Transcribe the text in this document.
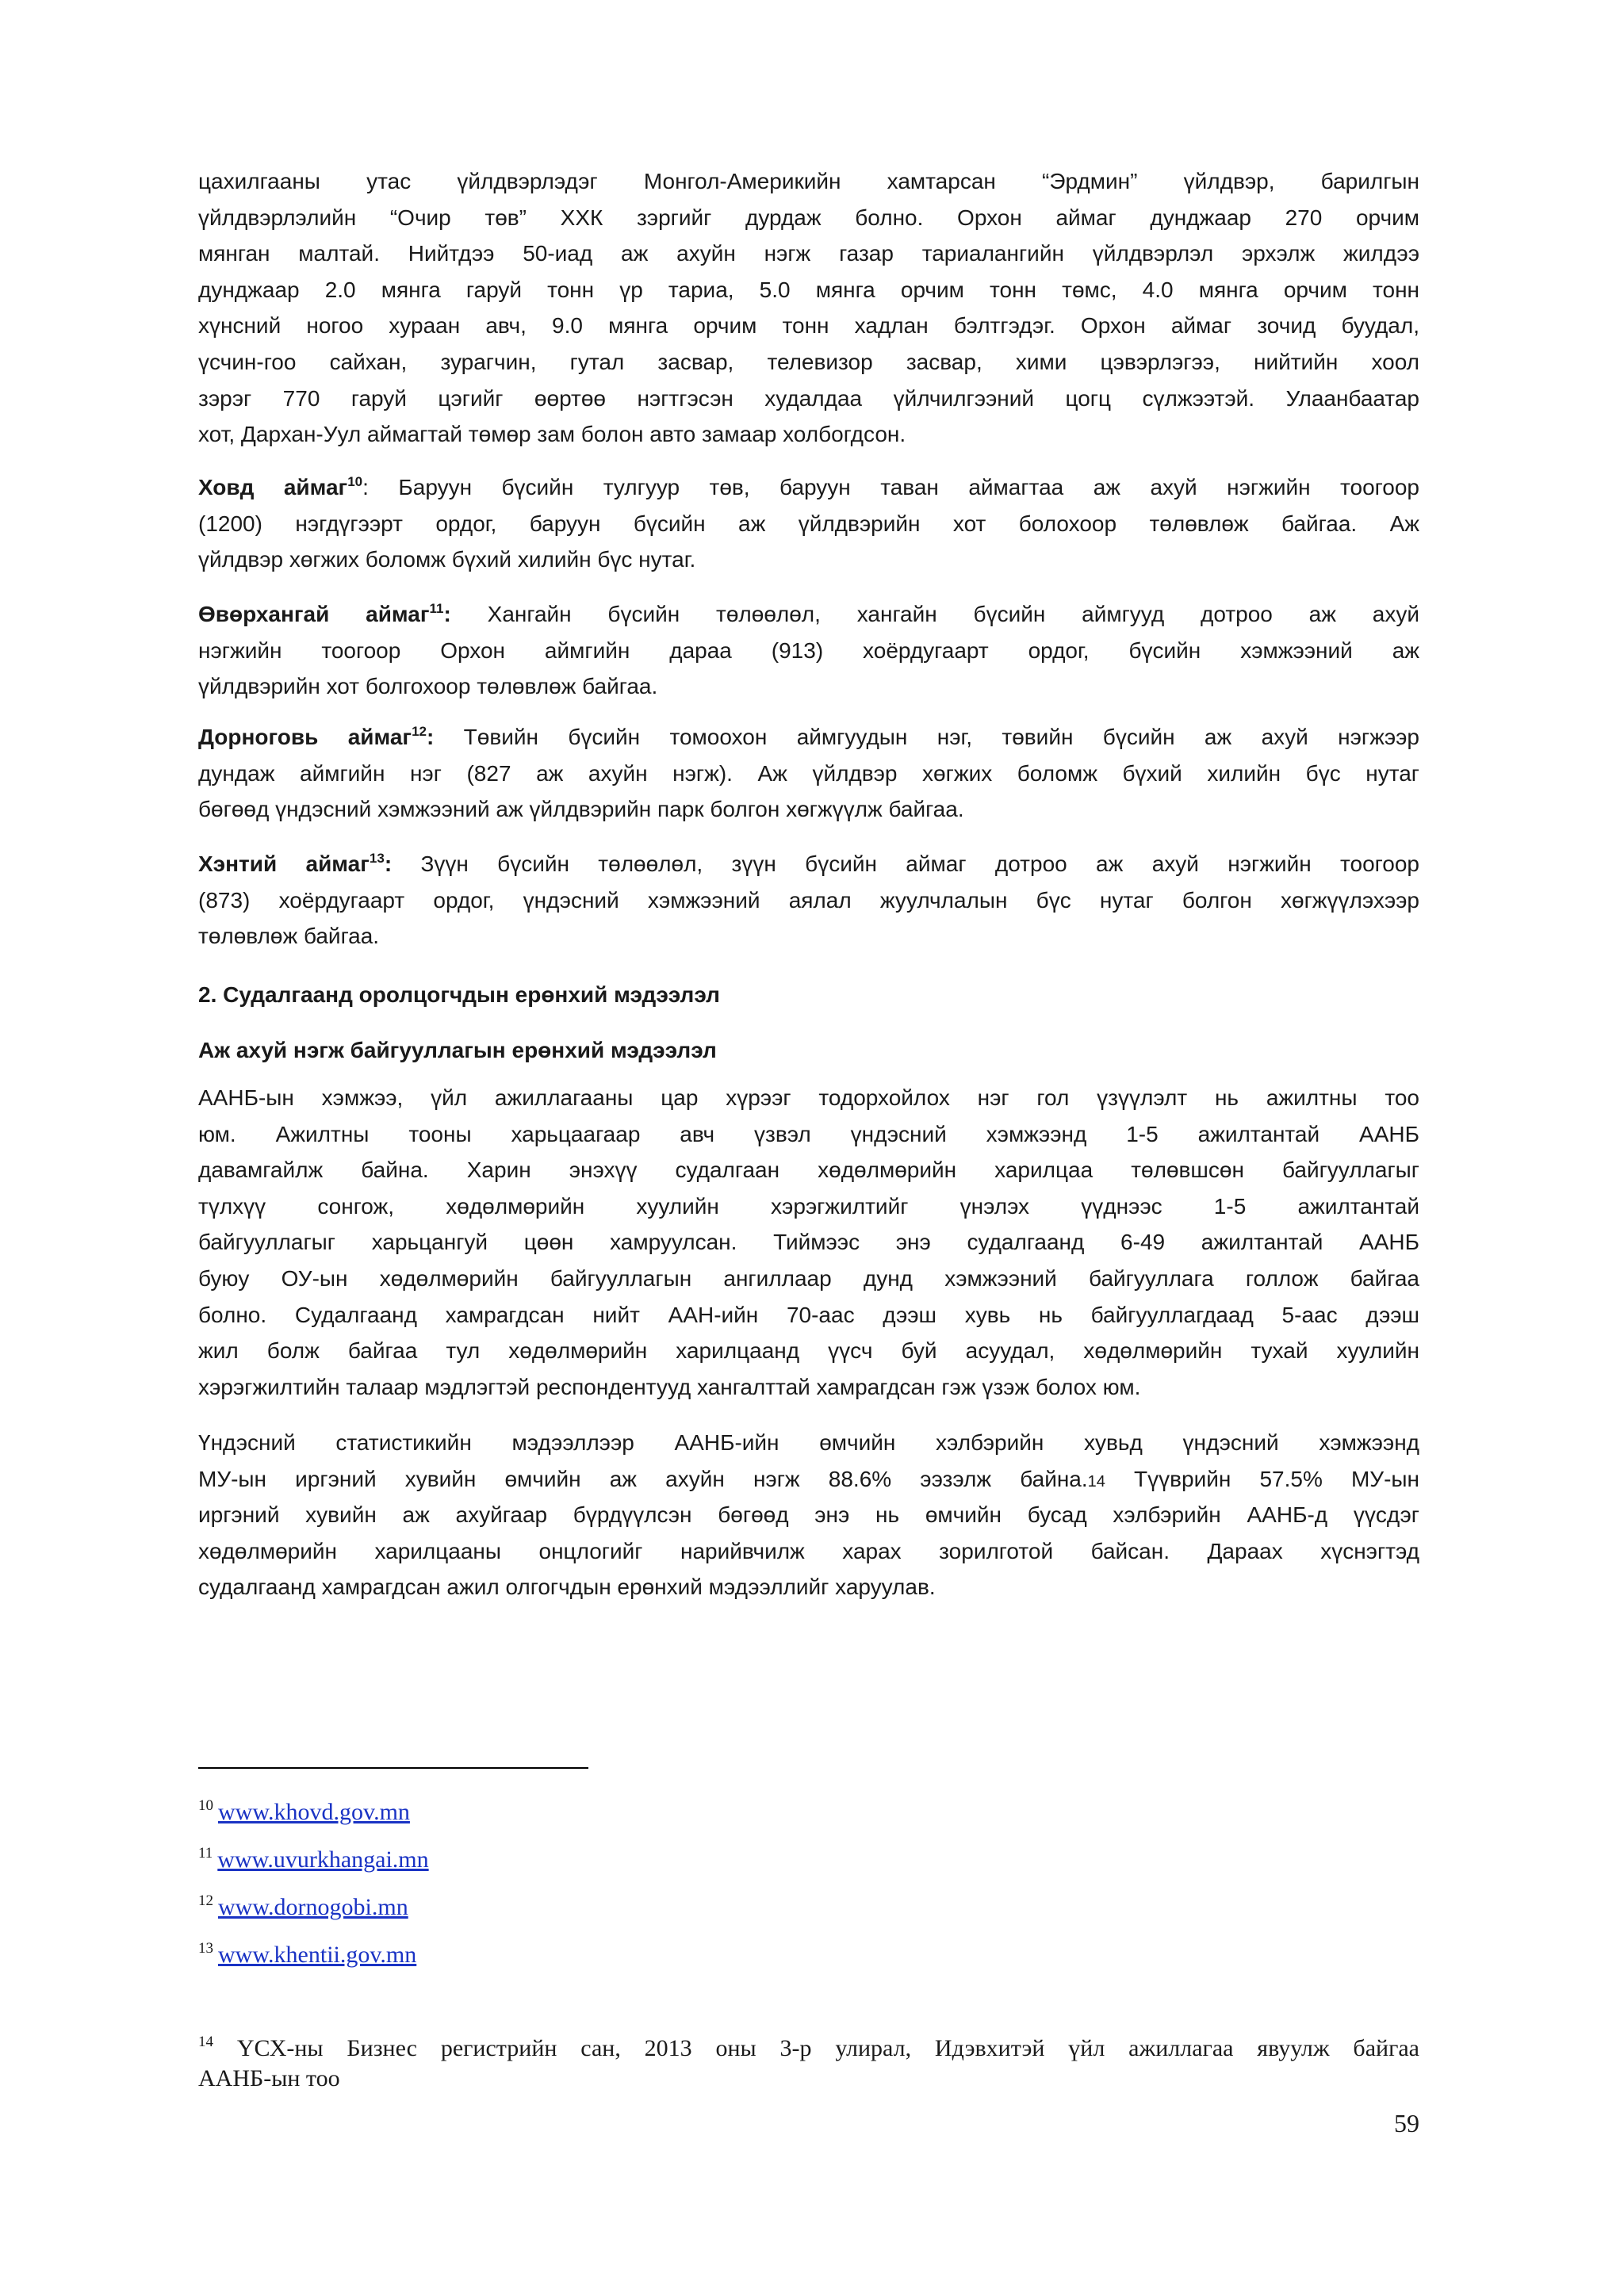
цахилгааны утас үйлдвэрлэдэг Монгол-Америкийн хамтарсан “Эрдмин” үйлдвэр, барилгын
үйлдвэрлэлийн “Очир төв” ХХК зэргийг дурдаж болно. Орхон аймаг дунджаар 270 орчим
мянган малтай. Нийтдээ 50-иад аж ахуйн нэгж газар тариалангийн үйлдвэрлэл эрхэлж жилдээ
дунджаар 2.0 мянга гаруй тонн үр тариа, 5.0 мянга орчим тонн төмс, 4.0 мянга орчим тонн
хүнсний ногоо хураан авч, 9.0 мянга орчим тонн хадлан бэлтгэдэг. Орхон аймаг зочид буудал,
үсчин-гоо сайхан, зурагчин, гутал засвар, телевизор засвар, хими цэвэрлэгээ, нийтийн хоол
зэрэг 770 гаруй цэгийг өөртөө нэгтгэсэн худалдаа үйлчилгээний цогц сүлжээтэй. Улаанбаатар
хот, Дархан-Уул аймагтай төмөр зам болон авто замаар холбогдсон.
Ховд аймаг$^{10}$: Баруун бүсийн тулгуур төв, баруун таван аймагтаа аж ахуй нэгжийн тоогоор
(1200) нэгдүгээрт ордог, баруун бүсийн аж үйлдвэрийн хот болохоор төлөвлөж байгаа. Аж
үйлдвэр хөгжих боломж бүхий хилийн бүс нутаг.
Өвөрхангай аймаг$^{11}$: Хангайн бүсийн төлөөлөл, хангайн бүсийн аймгууд дотроо аж ахуй
нэгжийн тоогоор Орхон аймгийн дараа (913) хоёрдугаарт ордог, бүсийн хэмжээний аж
үйлдвэрийн хот болгохоор төлөвлөж байгаа.
Дорноговь аймаг$^{12}$: Төвийн бүсийн томоохон аймгуудын нэг, төвийн бүсийн аж ахуй нэгжээр
дундаж аймгийн нэг (827 аж ахуйн нэгж). Аж үйлдвэр хөгжих боломж бүхий хилийн бүс нутаг
бөгөөд үндэсний хэмжээний аж үйлдвэрийн парк болгон хөгжүүлж байгаа.
Хэнтий аймаг$^{13}$: Зүүн бүсийн төлөөлөл, зүүн бүсийн аймаг дотроо аж ахуй нэгжийн тоогоор
(873) хоёрдугаарт ордог, үндэсний хэмжээний аялал жуулчлалын бүс нутаг болгон хөгжүүлэхээр
төлөвлөж байгаа.
2. Судалгаанд оролцогчдын ерөнхий мэдээлэл
Аж ахуй нэгж байгууллагын ерөнхий мэдээлэл
ААНБ-ын хэмжээ, үйл ажиллагааны цар хүрээг тодорхойлох нэг гол үзүүлэлт нь ажилтны тоо
юм. Ажилтны тооны харьцаагаар авч үзвэл үндэсний хэмжээнд 1-5 ажилтантай ААНБ
давамгайлж байна. Харин энэхүү судалгаан хөдөлмөрийн харилцаа төлөвшсөн байгууллагыг
түлхүү сонгож, хөдөлмөрийн хуулийн хэрэгжилтийг үнэлэх үүднээс 1-5 ажилтантай
байгууллагыг харьцангуй цөөн хамруулсан. Тиймээс энэ судалгаанд 6-49 ажилтантай ААНБ
буюу ОУ-ын хөдөлмөрийн байгууллагын ангиллаар дунд хэмжээний байгууллага голлож байгаа
болно. Судалгаанд хамрагдсан нийт ААН-ийн 70-аас дээш хувь нь байгууллагдаад 5-аас дээш
жил болж байгаа тул хөдөлмөрийн харилцаанд үүсч буй асуудал, хөдөлмөрийн тухай хуулийн
хэрэгжилтийн талаар мэдлэгтэй респондентууд хангалттай хамрагдсан гэж үзэж болох юм.
Үндэсний статистикийн мэдээллээр ААНБ-ийн өмчийн хэлбэрийн хувьд үндэсний хэмжээнд
МУ-ын иргэний хувийн өмчийн аж ахуйн нэгж 88.6% ээзэлж байна.14 Түүврийн 57.5% МУ-ын
иргэний хувийн аж ахуйгаар бүрдүүлсэн бөгөөд энэ нь өмчийн бусад хэлбэрийн ААНБ-д үүсдэг
хөдөлмөрийн харилцааны онцлогийг нарийвчилж харах зорилготой байсан. Дараах хүснэгтэд
судалгаанд хамрагдсан ажил олгогчдын ерөнхий мэдээллийг харуулав.
$^{10}$ www.khovd.gov.mn
$^{11}$ www.uvurkhangai.mn
$^{12}$ www.dornogobi.mn
$^{13}$ www.khentii.gov.mn
$^{14}$ ҮСХ-ны Бизнес регистрийн сан, 2013 оны 3-р улирал, Идэвхитэй үйл ажиллагаа явуулж байгаа
ААНБ-ын тоо
59
